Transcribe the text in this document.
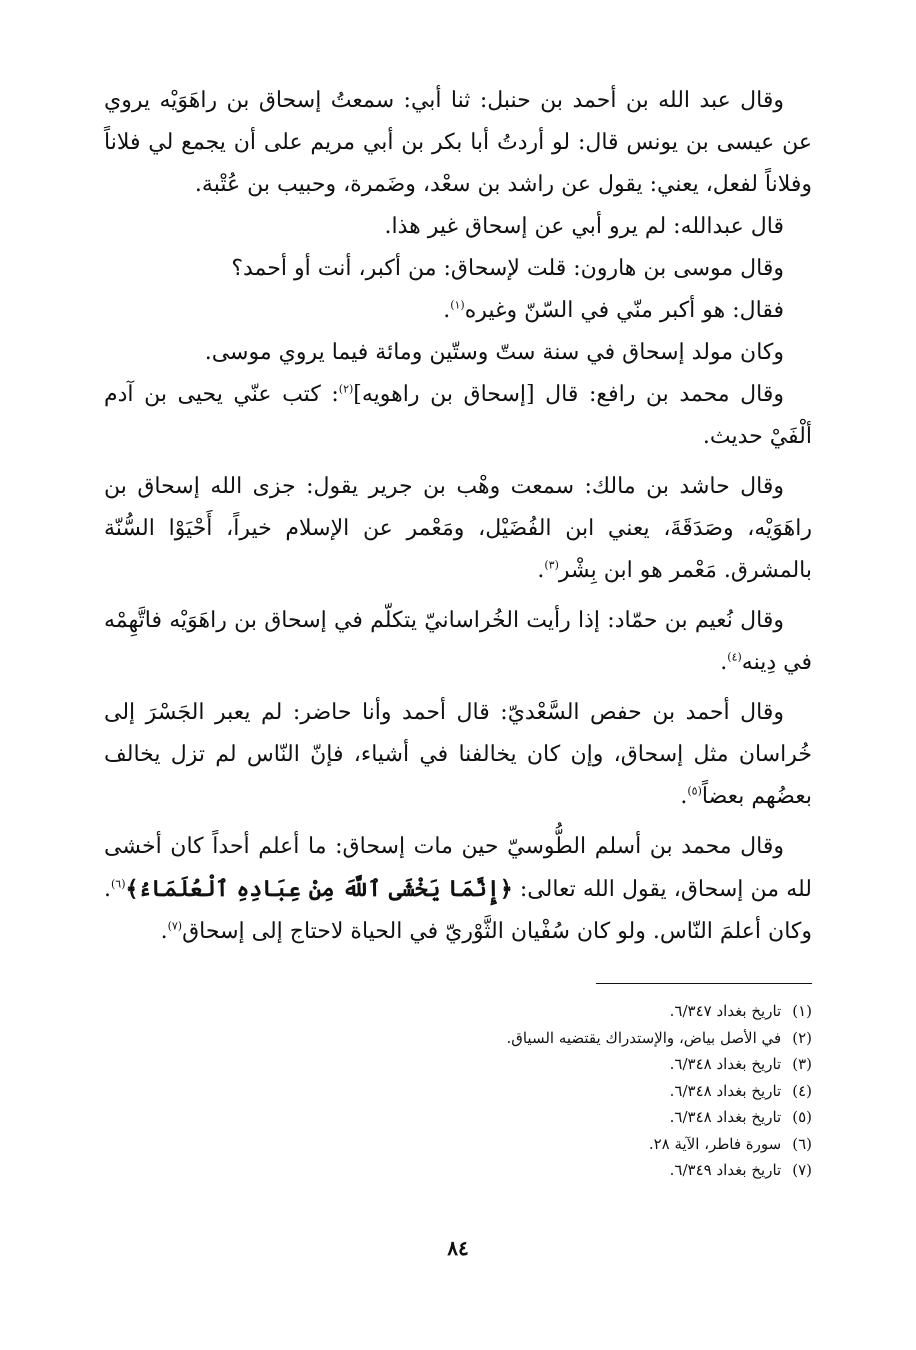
وقال عبد الله بن أحمد بن حنبل: ثنا أبي: سمعتُ إسحاق بن راهَوَيْه يروي عن عيسى بن يونس قال: لو أردتُ أبا بكر بن أبي مريم على أن يجمع لي فلاناً وفلاناً لفعل، يعني: يقول عن راشد بن سعْد، وضَمرة، وحبيب بن عُتْبة.

قال عبدالله: لم يرو أبي عن إسحاق غير هذا.

وقال موسى بن هارون: قلت لإسحاق: من أكبر، أنت أو أحمد؟

فقال: هو أكبر منّي في السّنّ وغيره$^{(١)}$.

وكان مولد إسحاق في سنة ستّ وستّين ومائة فيما يروي موسى.

وقال محمد بن رافع: قال [إسحاق بن راهويه]$^{(٢)}$: كتب عنّي يحيى بن آدم ألْفَيْ حديث.

وقال حاشد بن مالك: سمعت وهْب بن جرير يقول: جزى الله إسحاق بن راهَوَيْه، وصَدَقَةَ، يعني ابن الفُضَيْل، ومَعْمر عن الإسلام خيراً، أَحْيَوْا السُّنّة بالمشرق. مَعْمر هو ابن بِشْر$^{(٣)}$.

وقال نُعيم بن حمّاد: إذا رأيت الخُراسانيّ يتكلّم في إسحاق بن راهَوَيْه فاتَّهِمْه في دِينه$^{(٤)}$.

وقال أحمد بن حفص السَّعْديّ: قال أحمد وأنا حاضر: لم يعبر الجَسْرَ إلى خُراسان مثل إسحاق، وإن كان يخالفنا في أشياء، فإنّ النّاس لم تزل يخالف بعضُهم بعضاً$^{(٥)}$.

وقال محمد بن أسلم الطُّوسيّ حين مات إسحاق: ما أعلم أحداً كان أخشى لله من إسحاق، يقول الله تعالى: ﴿إِنَّمَا يَخْشَى ٱللَّهَ مِنْ عِبَادِهِ ٱلْعُلَمَاءُ﴾$^{(٦)}$. وكان أعلمَ النّاس. ولو كان سُفْيان الثَّوْريّ في الحياة لاحتاج إلى إسحاق$^{(٧)}$.

(١) تاريخ بغداد ٦/٣٤٧.
(٢) في الأصل بياض، والإستدراك يقتضيه السياق.
(٣) تاريخ بغداد ٦/٣٤٨.
(٤) تاريخ بغداد ٦/٣٤٨.
(٥) تاريخ بغداد ٦/٣٤٨.
(٦) سورة فاطر، الآية ٢٨.
(٧) تاريخ بغداد ٦/٣٤٩.
٨٤
